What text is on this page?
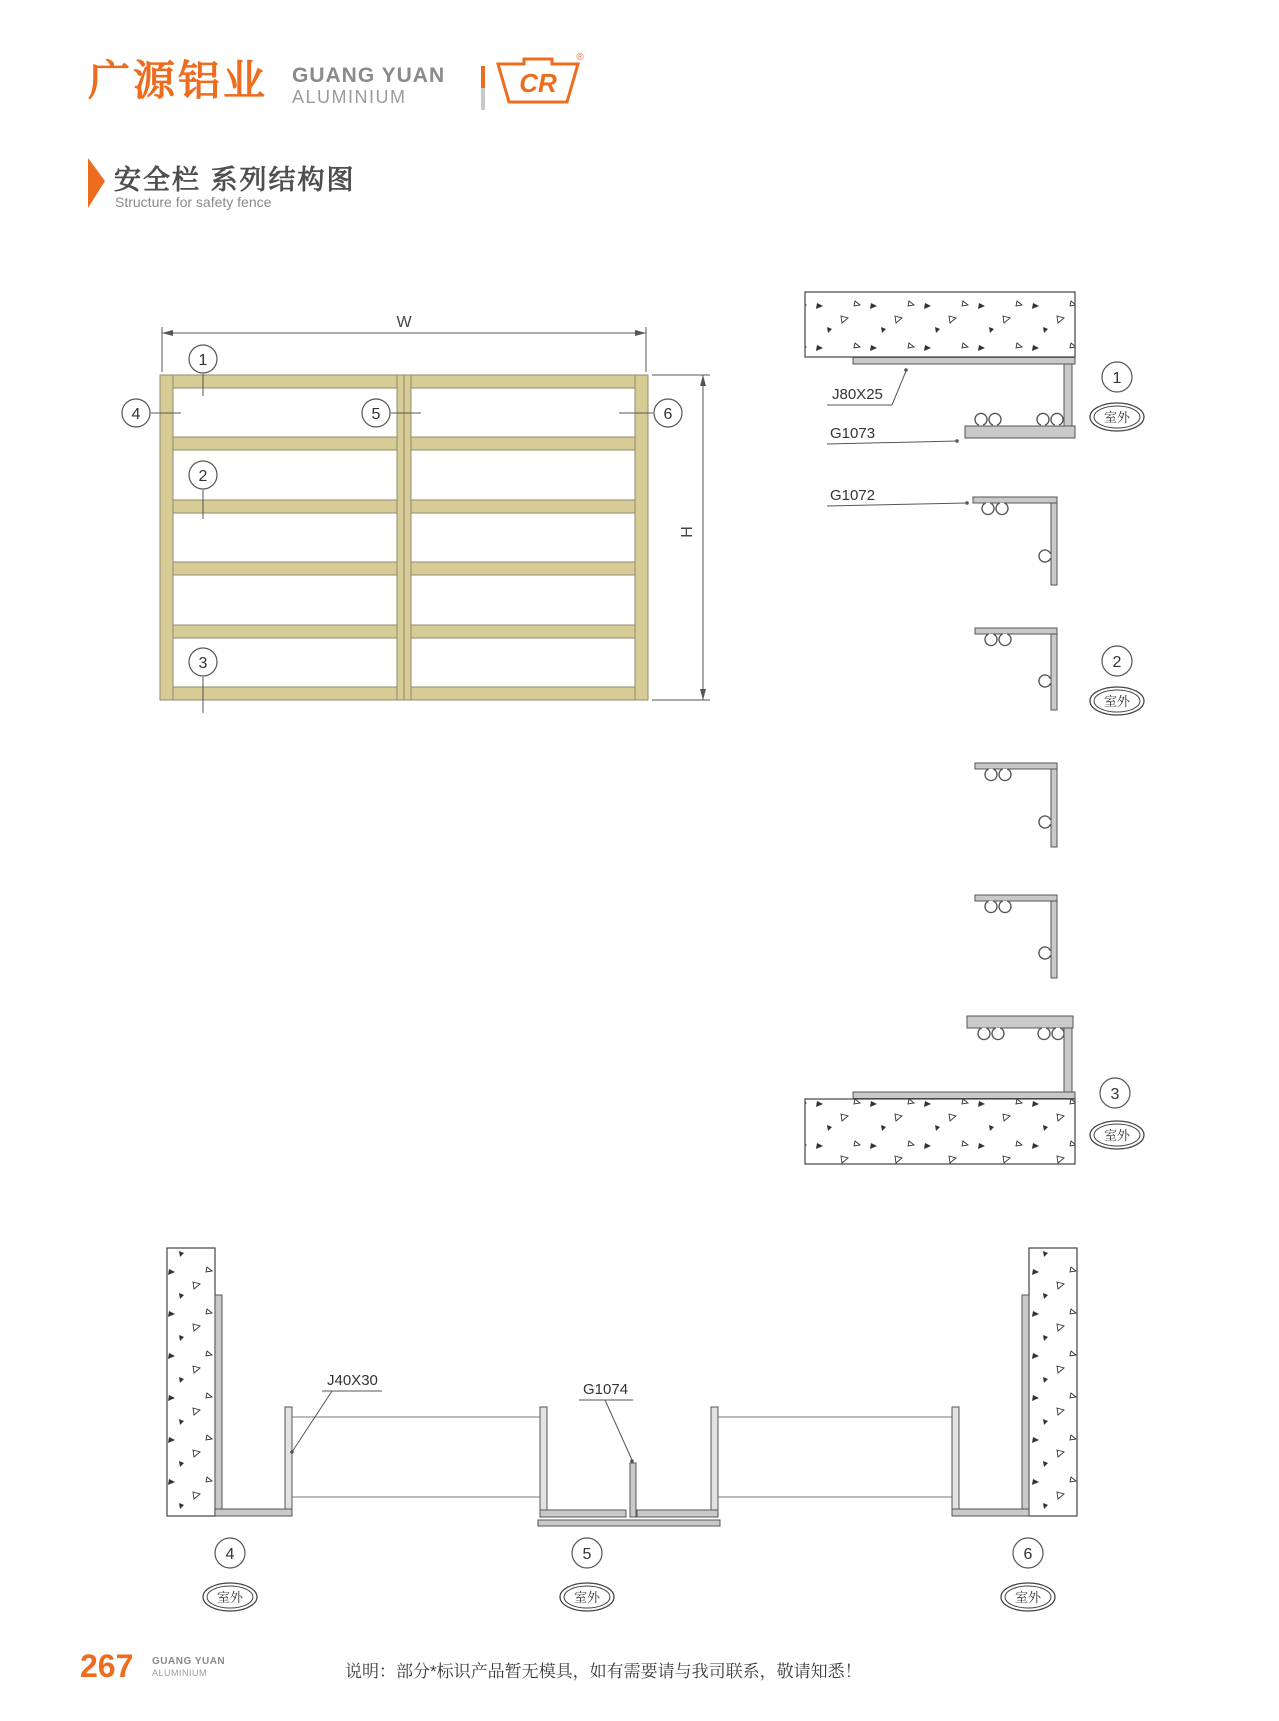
广源铝业 GUANG YUAN
ALUMINIUM	CR
®
安全栏 系列结构图
Structure for safety fence
W
H
1
2
3
4	5	6
J80X25
G1073
1
室外
G1072
2
室外
3
室外
J40X30
G1074
4
室外
5
室外
6
室外
267 GUANG YUAN
ALUMINIUM	说明：部分*标识产品暂无模具，如有需要请与我司联系，敬请知悉！
